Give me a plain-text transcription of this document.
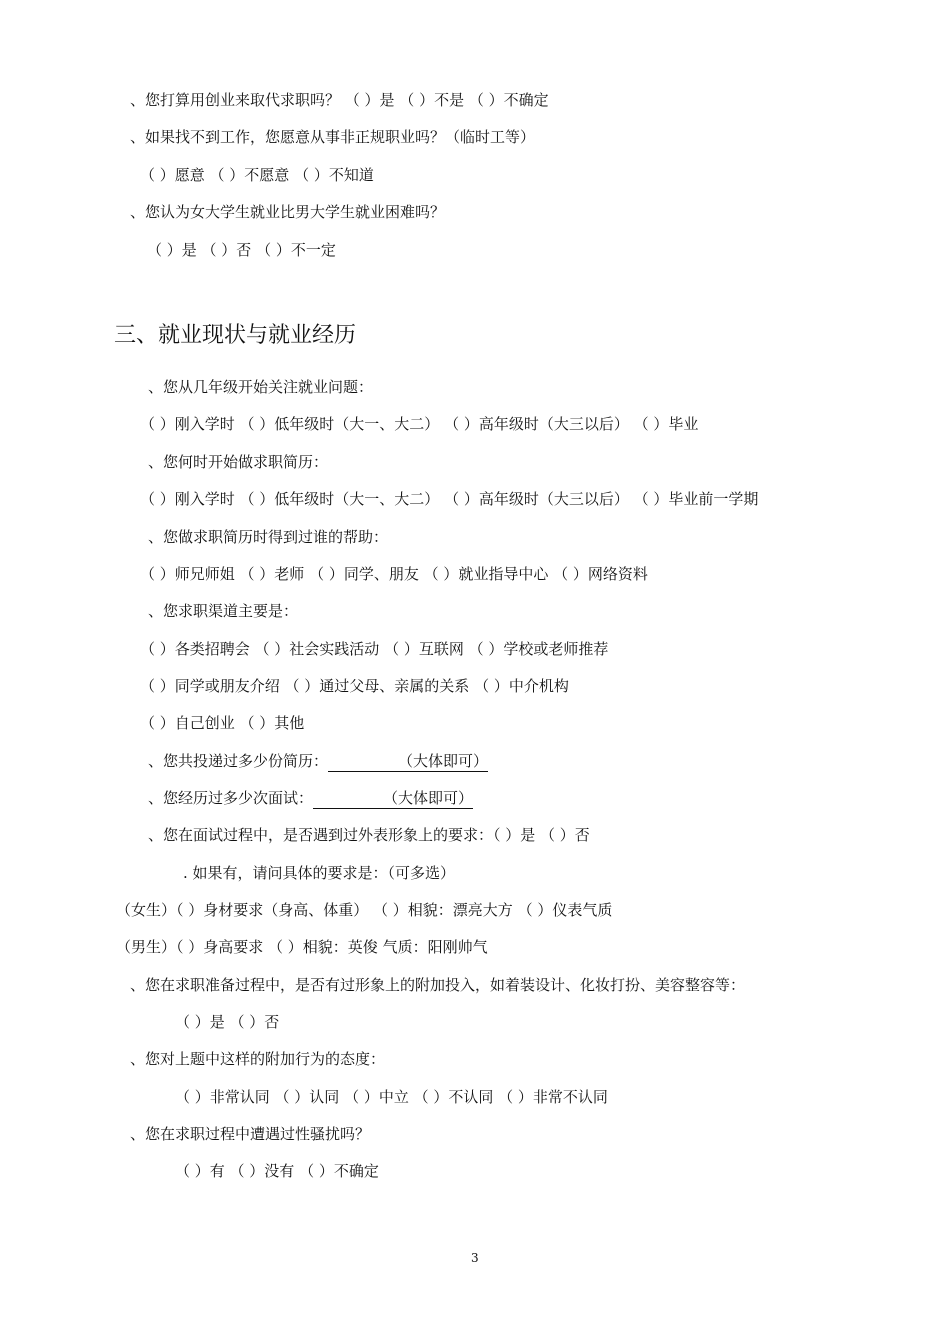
、您打算用创业来取代求职吗？ （ ）是 （ ）不是 （ ）不确定
、如果找不到工作，您愿意从事非正规职业吗？（临时工等）
（ ）愿意 （ ）不愿意 （ ）不知道
、您认为女大学生就业比男大学生就业困难吗？
（ ）是 （ ）否 （ ）不一定
三、就业现状与就业经历
、您从几年级开始关注就业问题：
（ ）刚入学时 （ ）低年级时（大一、大二） （ ）高年级时（大三以后） （ ）毕业
、您何时开始做求职简历：
（ ）刚入学时 （ ）低年级时（大一、大二） （ ）高年级时（大三以后） （ ）毕业前一学期
、您做求职简历时得到过谁的帮助：
（ ）师兄师姐 （ ）老师 （ ）同学、朋友 （ ）就业指导中心 （ ）网络资料
、您求职渠道主要是：
（ ）各类招聘会 （ ）社会实践活动 （ ）互联网 （ ）学校或老师推荐
（ ）同学或朋友介绍 （ ）通过父母、亲属的关系 （ ）中介机构
（ ）自己创业 （ ）其他
、您共投递过多少份简历：	（大体即可）
、您经历过多少次面试：	（大体即可）
、您在面试过程中，是否遇到过外表形象上的要求：（ ）是 （ ）否
. 如果有，请问具体的要求是：（可多选）
（女生）（ ）身材要求（身高、体重） （ ）相貌：漂亮大方 （ ）仪表气质
（男生）（ ）身高要求 （ ）相貌：英俊 气质：阳刚帅气
、您在求职准备过程中，是否有过形象上的附加投入，如着装设计、化妆打扮、美容整容等：
（ ）是 （ ）否
、您对上题中这样的附加行为的态度：
（ ）非常认同 （ ）认同 （ ）中立 （ ）不认同 （ ）非常不认同
、您在求职过程中遭遇过性骚扰吗？
（ ）有 （ ）没有 （ ）不确定
3
